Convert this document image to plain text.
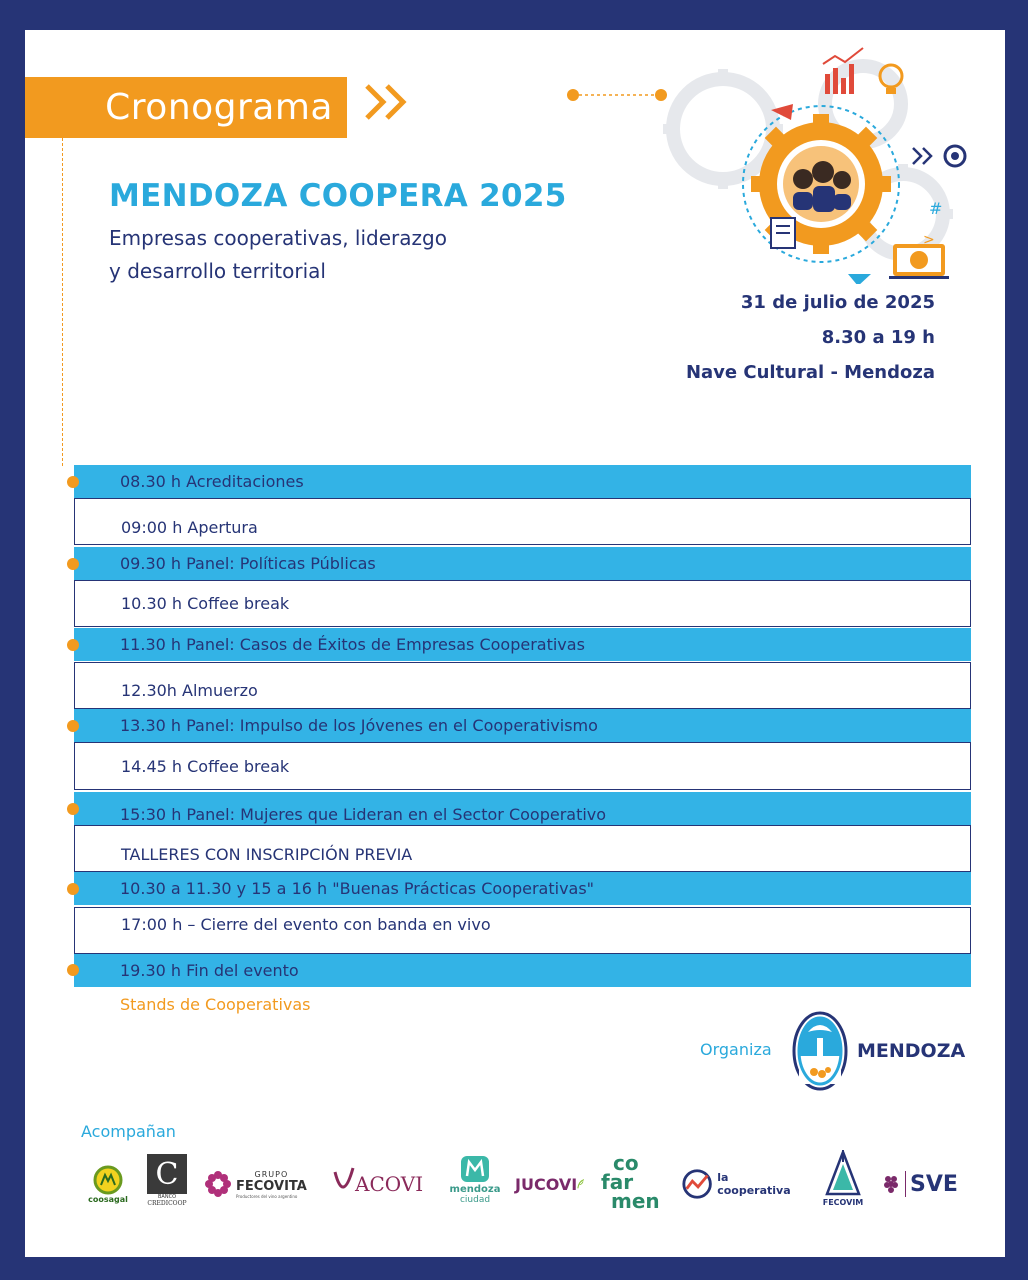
Cronograma
MENDOZA COOPERA 2025
Empresas cooperativas, liderazgo
y desarrollo territorial
#
>_
31 de julio de 2025
8.30 a 19 h
Nave Cultural - Mendoza
08.30 h Acreditaciones
09:00 h Apertura
09.30 h Panel: Políticas Públicas
10.30 h Coffee break
11.30 h Panel: Casos de Éxitos de Empresas Cooperativas
12.30h Almuerzo
13.30 h Panel: Impulso de los Jóvenes en el Cooperativismo
14.45 h Coffee break
15:30 h Panel: Mujeres que Lideran en el Sector Cooperativo
TALLERES CON INSCRIPCIÓN PREVIA
10.30 a 11.30 y 15 a 16 h "Buenas Prácticas Cooperativas"
17:00 h – Cierre del evento con banda en vivo
19.30 h Fin del evento
Stands de Cooperativas
Organiza	MENDOZA
Acompañan
coosagal
C
BANCO
CREDICOOP
GRUPO
FECOVITA
Productores del vino argentino	ACOVI	mendoza
ciudad
JUCOVI
co
far
men
la cooperativa
FECOVIM
SVE
